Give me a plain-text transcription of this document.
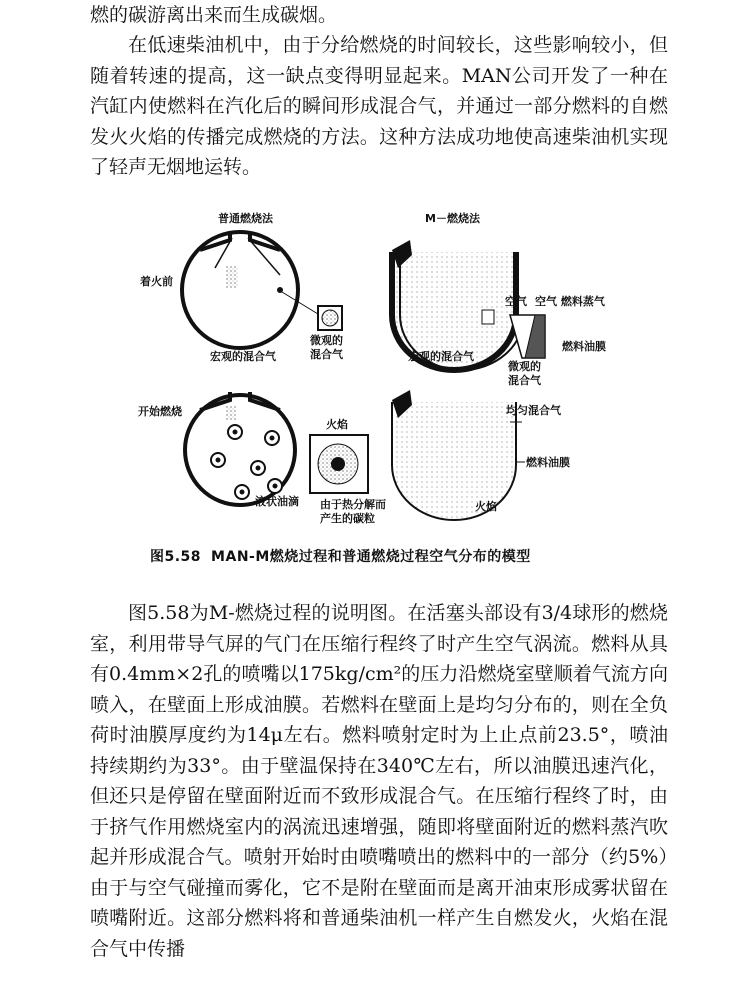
燃的碳游离出来而生成碳烟。

在低速柴油机中，由于分给燃烧的时间较长，这些影响较小，但随着转速的提高，这一缺点变得明显起来。MAN公司开发了一种在汽缸内使燃料在汽化后的瞬间形成混合气，并通过一部分燃料的自燃发火火焰的传播完成燃烧的方法。这种方法成功地使高速柴油机实现了轻声无烟地运转。

普通燃烧法
着火前
宏观的混合气
微观的
混合气
M－燃烧法
空气 空气 燃料蒸气
燃料油膜
宏观的混合气
微观的
混合气
开始燃烧
火焰
液状油滴 由于热分解而
产生的碳粒
均匀混合气
燃料油膜
火焰
图5.58 MAN-M燃烧过程和普通燃烧过程空气分布的模型

图5.58为M-燃烧过程的说明图。在活塞头部设有3/4球形的燃烧室，利用带导气屏的气门在压缩行程终了时产生空气涡流。燃料从具有0.4mm×2孔的喷嘴以175kg/cm²的压力沿燃烧室壁顺着气流方向喷入，在壁面上形成油膜。若燃料在壁面上是均匀分布的，则在全负荷时油膜厚度约为14μ左右。燃料喷射定时为上止点前23.5°，喷油持续期约为33°。由于壁温保持在340℃左右，所以油膜迅速汽化，但还只是停留在壁面附近而不致形成混合气。在压缩行程终了时，由于挤气作用燃烧室内的涡流迅速增强，随即将壁面附近的燃料蒸汽吹起并形成混合气。喷射开始时由喷嘴喷出的燃料中的一部分（约5%）由于与空气碰撞而雾化，它不是附在壁面而是离开油束形成雾状留在喷嘴附近。这部分燃料将和普通柴油机一样产生自燃发火，火焰在混合气中传播
